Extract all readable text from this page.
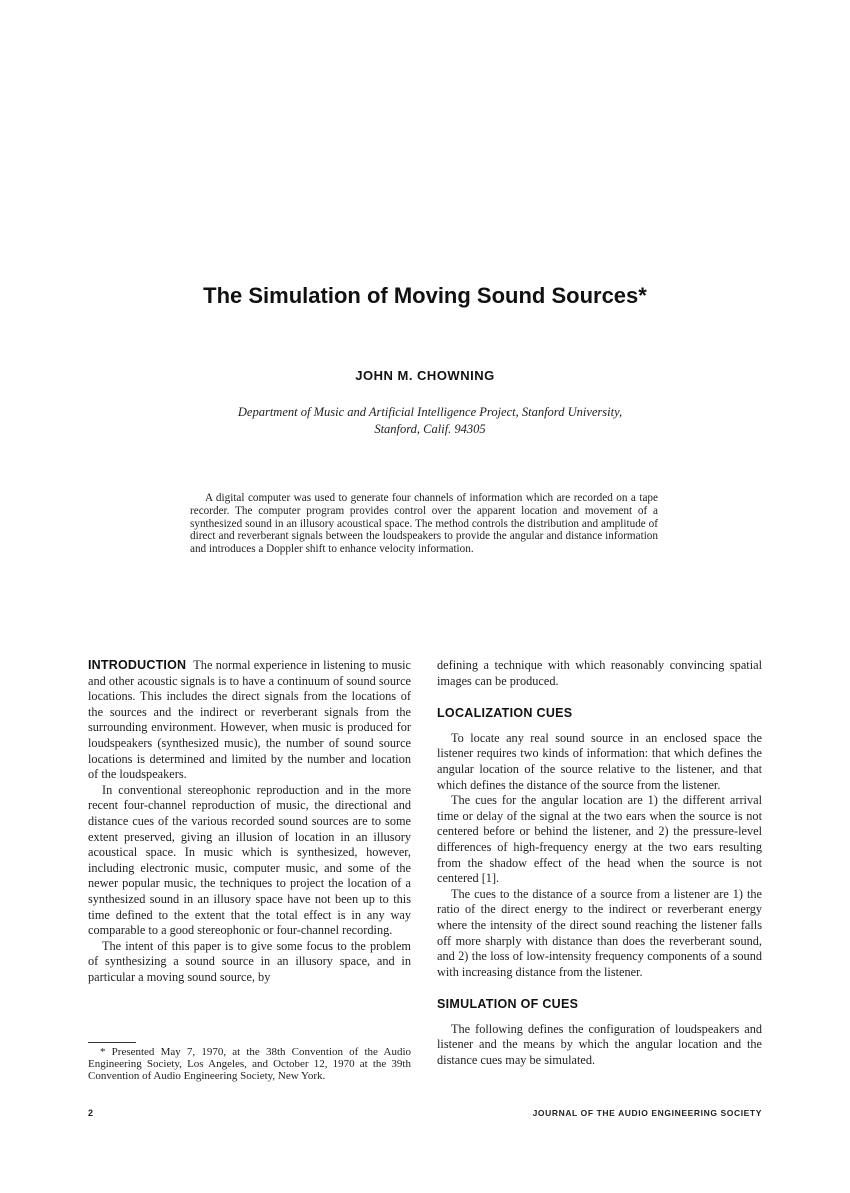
The Simulation of Moving Sound Sources*
JOHN M. CHOWNING
Department of Music and Artificial Intelligence Project, Stanford University,
Stanford, Calif. 94305

A digital computer was used to generate four channels of information which are recorded on a tape recorder. The computer program provides control over the apparent location and movement of a synthesized sound in an illusory acoustical space. The method controls the distribution and amplitude of direct and reverberant signals between the loudspeakers to provide the angular and distance information and introduces a Doppler shift to enhance velocity information.

INTRODUCTION The normal experience in listening to music and other acoustic signals is to have a continuum of sound source locations. This includes the direct signals from the locations of the sources and the indirect or reverberant signals from the surrounding environment. However, when music is produced for loudspeakers (synthesized music), the number of sound source locations is determined and limited by the number and location of the loudspeakers.

In conventional stereophonic reproduction and in the more recent four-channel reproduction of music, the directional and distance cues of the various recorded sound sources are to some extent preserved, giving an illusion of location in an illusory acoustical space. In music which is synthesized, however, including electronic music, computer music, and some of the newer popular music, the techniques to project the location of a synthesized sound in an illusory space have not been up to this time defined to the extent that the total effect is in any way comparable to a good stereophonic or four-channel recording.

The intent of this paper is to give some focus to the problem of synthesizing a sound source in an illusory space, and in particular a moving sound source, by

* Presented May 7, 1970, at the 38th Convention of the Audio Engineering Society, Los Angeles, and October 12, 1970 at the 39th Convention of Audio Engineering Society, New York.

defining a technique with which reasonably convincing spatial images can be produced.

LOCALIZATION CUES

To locate any real sound source in an enclosed space the listener requires two kinds of information: that which defines the angular location of the source relative to the listener, and that which defines the distance of the source from the listener.

The cues for the angular location are 1) the different arrival time or delay of the signal at the two ears when the source is not centered before or behind the listener, and 2) the pressure-level differences of high-frequency energy at the two ears resulting from the shadow effect of the head when the source is not centered [1].

The cues to the distance of a source from a listener are 1) the ratio of the direct energy to the indirect or reverberant energy where the intensity of the direct sound reaching the listener falls off more sharply with distance than does the reverberant sound, and 2) the loss of low-intensity frequency components of a sound with increasing distance from the listener.

SIMULATION OF CUES

The following defines the configuration of loudspeakers and listener and the means by which the angular location and the distance cues may be simulated.

2	JOURNAL OF THE AUDIO ENGINEERING SOCIETY
